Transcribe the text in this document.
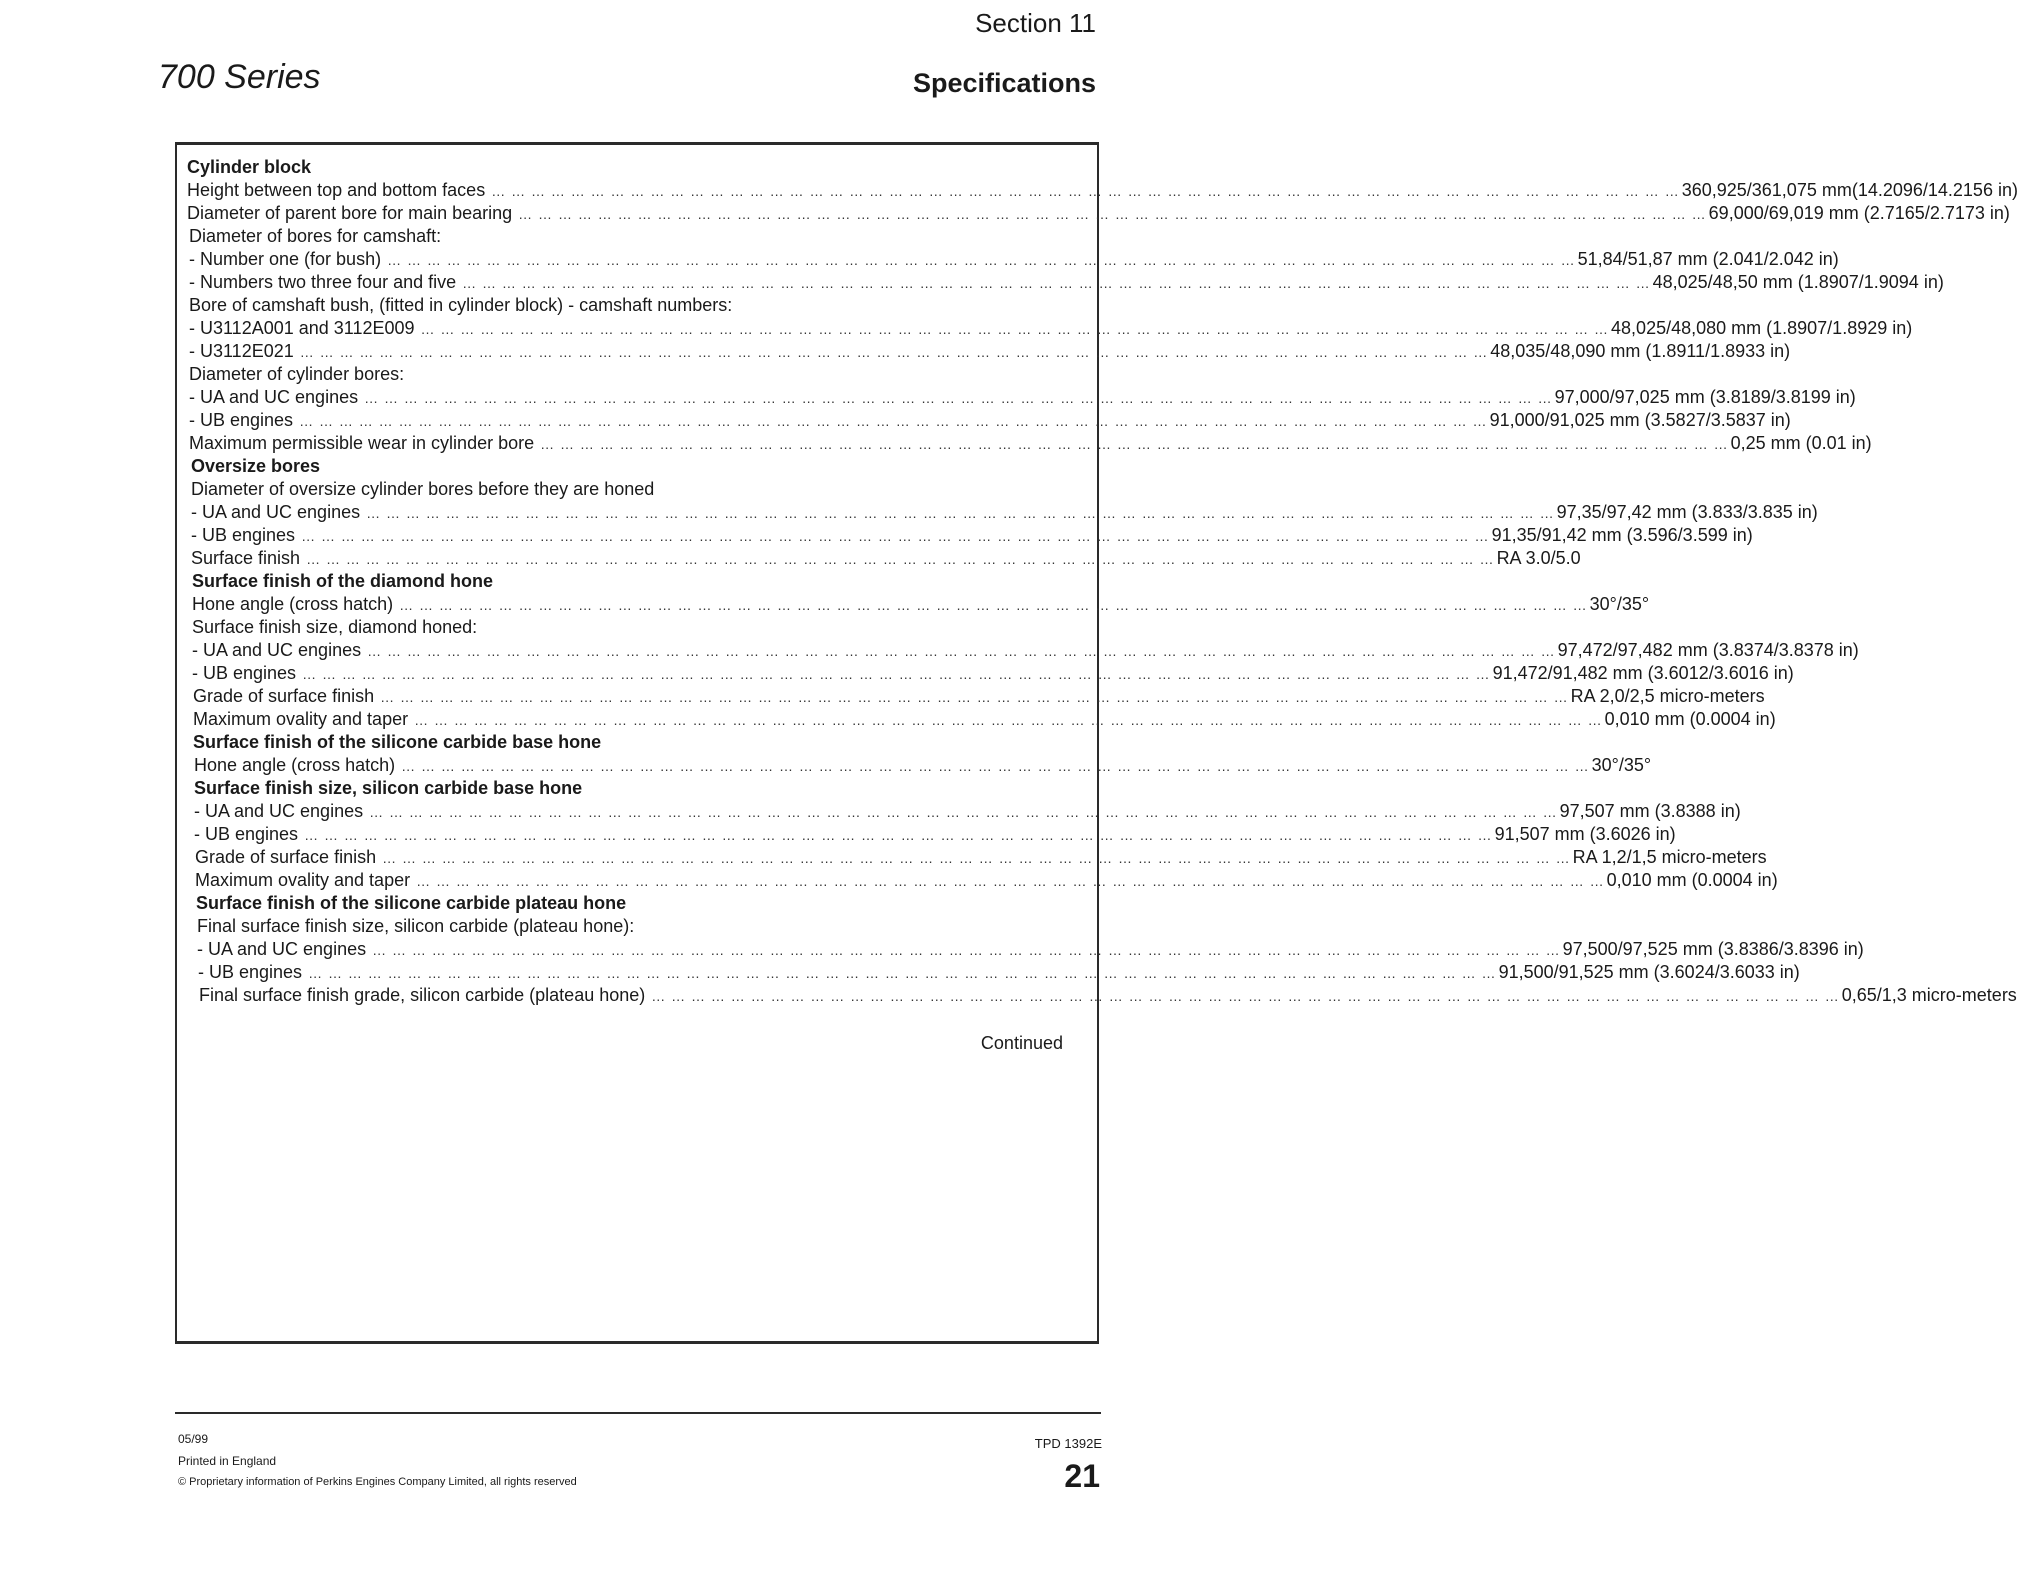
Section 11
700 Series	Specifications
Cylinder block
Height between top and bottom faces … … … … … … … … … … … … … … … … … … … … … … … … … … … … … … … … … … … … … … … … … … … … … … … … … … … … … … … … … … … … 360,925/361,075 mm(14.2096/14.2156 in)
Diameter of parent bore for main bearing … … … … … … … … … … … … … … … … … … … … … … … … … … … … … … … … … … … … … … … … … … … … … … … … … … … … … … … … … … … … 69,000/69,019 mm (2.7165/2.7173 in)
Diameter of bores for camshaft:
- Number one (for bush) … … … … … … … … … … … … … … … … … … … … … … … … … … … … … … … … … … … … … … … … … … … … … … … … … … … … … … … … … … … … 51,84/51,87 mm (2.041/2.042 in)
- Numbers two three four and five … … … … … … … … … … … … … … … … … … … … … … … … … … … … … … … … … … … … … … … … … … … … … … … … … … … … … … … … … … … … 48,025/48,50 mm (1.8907/1.9094 in)
Bore of camshaft bush, (fitted in cylinder block) - camshaft numbers:
- U3112A001 and 3112E009 … … … … … … … … … … … … … … … … … … … … … … … … … … … … … … … … … … … … … … … … … … … … … … … … … … … … … … … … … … … … 48,025/48,080 mm (1.8907/1.8929 in)
- U3112E021 … … … … … … … … … … … … … … … … … … … … … … … … … … … … … … … … … … … … … … … … … … … … … … … … … … … … … … … … … … … … 48,035/48,090 mm (1.8911/1.8933 in)
Diameter of cylinder bores:
- UA and UC engines … … … … … … … … … … … … … … … … … … … … … … … … … … … … … … … … … … … … … … … … … … … … … … … … … … … … … … … … … … … … 97,000/97,025 mm (3.8189/3.8199 in)
- UB engines … … … … … … … … … … … … … … … … … … … … … … … … … … … … … … … … … … … … … … … … … … … … … … … … … … … … … … … … … … … … 91,000/91,025 mm (3.5827/3.5837 in)
Maximum permissible wear in cylinder bore … … … … … … … … … … … … … … … … … … … … … … … … … … … … … … … … … … … … … … … … … … … … … … … … … … … … … … … … … … … … 0,25 mm (0.01 in)
Oversize bores
Diameter of oversize cylinder bores before they are honed
- UA and UC engines … … … … … … … … … … … … … … … … … … … … … … … … … … … … … … … … … … … … … … … … … … … … … … … … … … … … … … … … … … … … 97,35/97,42 mm (3.833/3.835 in)
- UB engines … … … … … … … … … … … … … … … … … … … … … … … … … … … … … … … … … … … … … … … … … … … … … … … … … … … … … … … … … … … … 91,35/91,42 mm (3.596/3.599 in)
Surface finish … … … … … … … … … … … … … … … … … … … … … … … … … … … … … … … … … … … … … … … … … … … … … … … … … … … … … … … … … … … … RA 3.0/5.0
Surface finish of the diamond hone
Hone angle (cross hatch) … … … … … … … … … … … … … … … … … … … … … … … … … … … … … … … … … … … … … … … … … … … … … … … … … … … … … … … … … … … … 30°/35°
Surface finish size, diamond honed:
- UA and UC engines … … … … … … … … … … … … … … … … … … … … … … … … … … … … … … … … … … … … … … … … … … … … … … … … … … … … … … … … … … … … 97,472/97,482 mm (3.8374/3.8378 in)
- UB engines … … … … … … … … … … … … … … … … … … … … … … … … … … … … … … … … … … … … … … … … … … … … … … … … … … … … … … … … … … … … 91,472/91,482 mm (3.6012/3.6016 in)
Grade of surface finish … … … … … … … … … … … … … … … … … … … … … … … … … … … … … … … … … … … … … … … … … … … … … … … … … … … … … … … … … … … … RA 2,0/2,5 micro-meters
Maximum ovality and taper … … … … … … … … … … … … … … … … … … … … … … … … … … … … … … … … … … … … … … … … … … … … … … … … … … … … … … … … … … … … 0,010 mm (0.0004 in)
Surface finish of the silicone carbide base hone
Hone angle (cross hatch) … … … … … … … … … … … … … … … … … … … … … … … … … … … … … … … … … … … … … … … … … … … … … … … … … … … … … … … … … … … … 30°/35°
Surface finish size, silicon carbide base hone
- UA and UC engines … … … … … … … … … … … … … … … … … … … … … … … … … … … … … … … … … … … … … … … … … … … … … … … … … … … … … … … … … … … … 97,507 mm (3.8388 in)
- UB engines … … … … … … … … … … … … … … … … … … … … … … … … … … … … … … … … … … … … … … … … … … … … … … … … … … … … … … … … … … … … 91,507 mm (3.6026 in)
Grade of surface finish … … … … … … … … … … … … … … … … … … … … … … … … … … … … … … … … … … … … … … … … … … … … … … … … … … … … … … … … … … … … RA 1,2/1,5 micro-meters
Maximum ovality and taper … … … … … … … … … … … … … … … … … … … … … … … … … … … … … … … … … … … … … … … … … … … … … … … … … … … … … … … … … … … … 0,010 mm (0.0004 in)
Surface finish of the silicone carbide plateau hone
Final surface finish size, silicon carbide (plateau hone):
- UA and UC engines … … … … … … … … … … … … … … … … … … … … … … … … … … … … … … … … … … … … … … … … … … … … … … … … … … … … … … … … … … … … 97,500/97,525 mm (3.8386/3.8396 in)
- UB engines … … … … … … … … … … … … … … … … … … … … … … … … … … … … … … … … … … … … … … … … … … … … … … … … … … … … … … … … … … … … 91,500/91,525 mm (3.6024/3.6033 in)
Final surface finish grade, silicon carbide (plateau hone) … … … … … … … … … … … … … … … … … … … … … … … … … … … … … … … … … … … … … … … … … … … … … … … … … … … … … … … … … … … … 0,65/1,3 micro-meters
Continued
05/99
Printed in England
© Proprietary information of Perkins Engines Company Limited, all rights reserved
TPD 1392E
21
